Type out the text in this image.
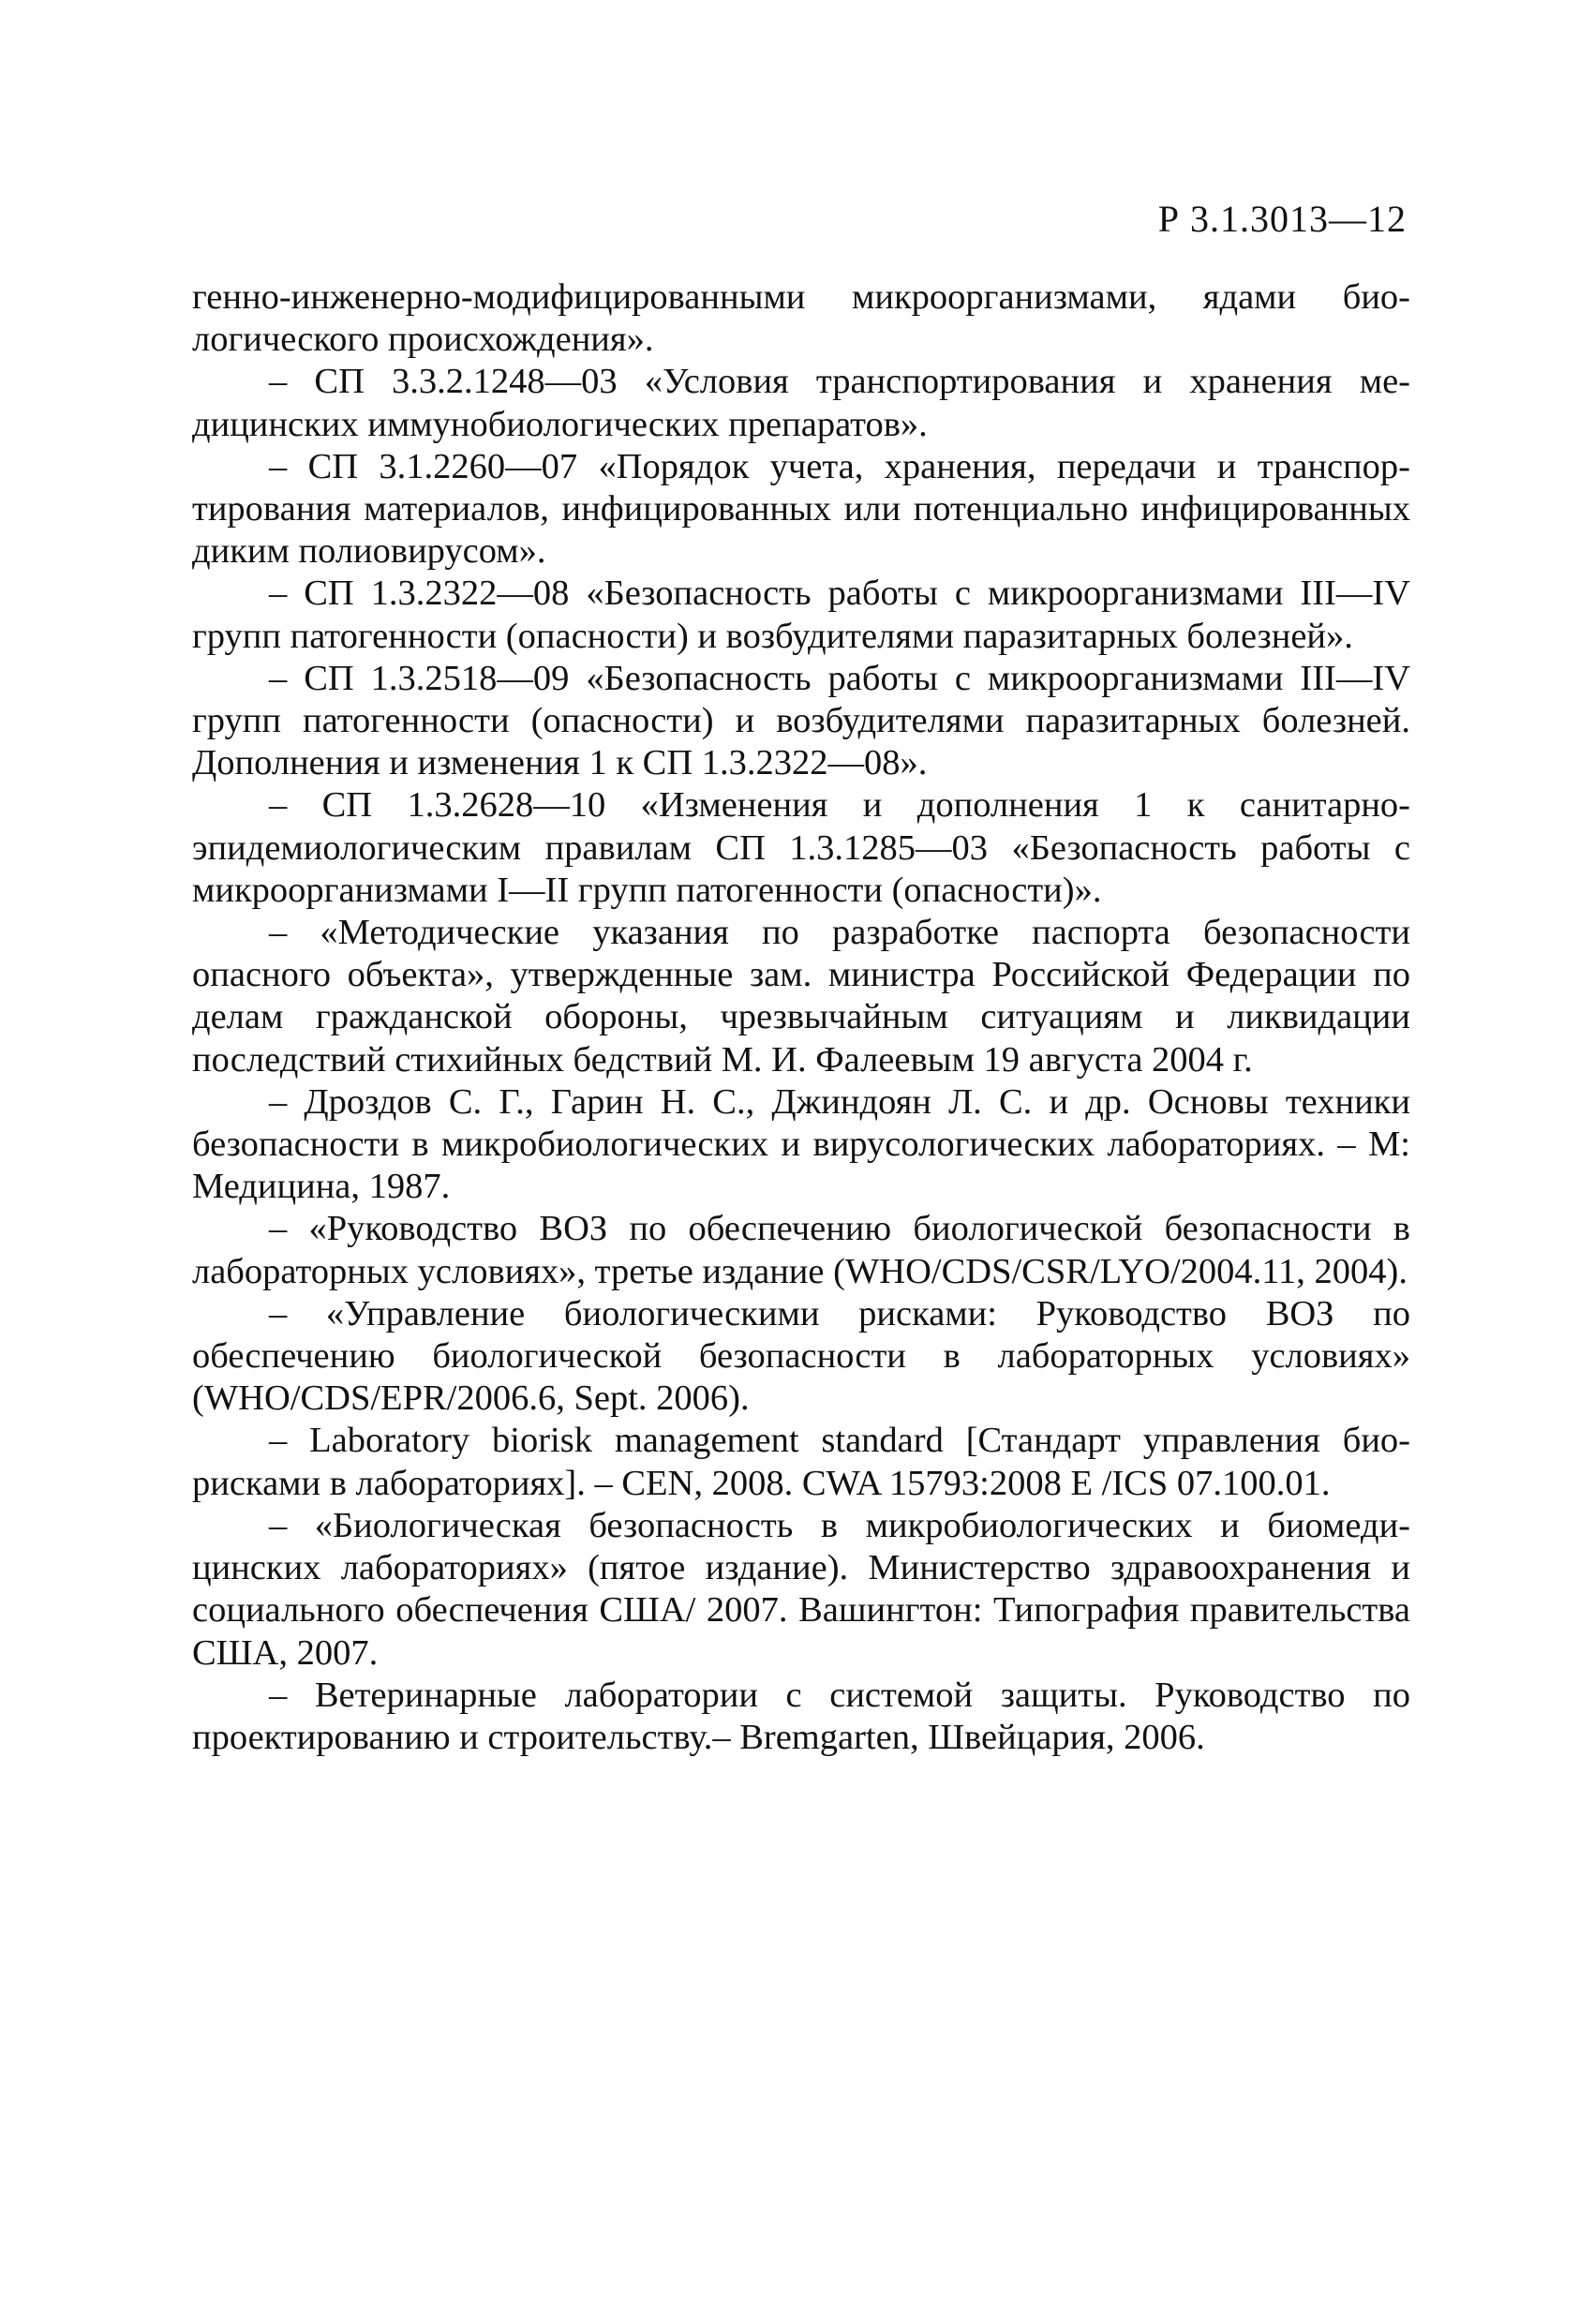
Р 3.1.3013—12

генно-инженерно-модифицированными микроорганизмами, ядами биологического происхождения».

– СП 3.3.2.1248—03 «Условия транспортирования и хранения медицинских иммунобиологических препаратов».

– СП 3.1.2260—07 «Порядок учета, хранения, передачи и транспортирования материалов, инфицированных или потенциально инфицированных диким полиовирусом».

– СП 1.3.2322—08 «Безопасность работы с микроорганизмами III—IV групп патогенности (опасности) и возбудителями паразитарных болезней».

– СП 1.3.2518—09 «Безопасность работы с микроорганизмами III—IV групп патогенности (опасности) и возбудителями паразитарных болезней. Дополнения и изменения 1 к СП 1.3.2322—08».

– СП 1.3.2628—10 «Изменения и дополнения 1 к санитарно-эпидемиологическим правилам СП 1.3.1285—03 «Безопасность работы с микроорганизмами I—II групп патогенности (опасности)».

– «Методические указания по разработке паспорта безопасности опасного объекта», утвержденные зам. министра Российской Федерации по делам гражданской обороны, чрезвычайным ситуациям и ликвидации последствий стихийных бедствий М. И. Фалеевым 19 августа 2004 г.

– Дроздов С. Г., Гарин Н. С., Джиндоян Л. С. и др. Основы техники безопасности в микробиологических и вирусологических лабораториях. – М: Медицина, 1987.

– «Руководство ВОЗ по обеспечению биологической безопасности в лабораторных условиях», третье издание (WHO/CDS/CSR/LYO/2004.11, 2004).

– «Управление биологическими рисками: Руководство ВОЗ по обеспечению биологической безопасности в лабораторных условиях» (WHO/CDS/EPR/2006.6, Sept. 2006).

– Laboratory biorisk management standard [Стандарт управления биорисками в лабораториях]. – CEN, 2008. CWA 15793:2008 E /ICS 07.100.01.

– «Биологическая безопасность в микробиологических и биомедицинских лабораториях» (пятое издание). Министерство здравоохранения и социального обеспечения США/ 2007. Вашингтон: Типография правительства США, 2007.

– Ветеринарные лаборатории с системой защиты. Руководство по проектированию и строительству.– Bremgarten, Швейцария, 2006.
